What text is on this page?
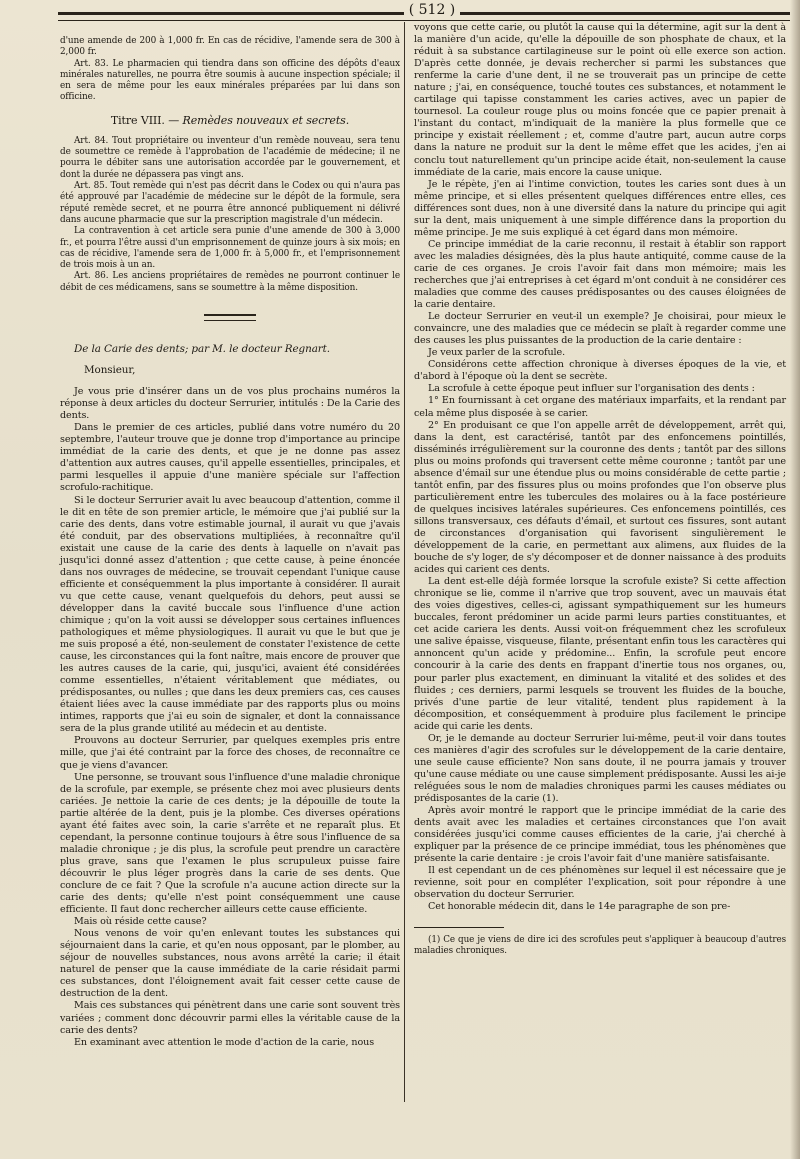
( 512 )

d'une amende de 200 à 1,000 fr. En cas de récidive, l'amende sera de 300 à 2,000 fr.

Art. 83. Le pharmacien qui tiendra dans son officine des dépôts d'eaux minérales naturelles, ne pourra être soumis à aucune inspection spéciale; il en sera de même pour les eaux minérales préparées par lui dans son officine.

Titre VIII. — Remèdes nouveaux et secrets.

Art. 84. Tout propriétaire ou inventeur d'un remède nouveau, sera tenu de soumettre ce remède à l'approbation de l'académie de médecine; il ne pourra le débiter sans une autorisation accordée par le gouvernement, et dont la durée ne dépassera pas vingt ans.

Art. 85. Tout remède qui n'est pas décrit dans le Codex ou qui n'aura pas été approuvé par l'académie de médecine sur le dépôt de la formule, sera réputé remède secret, et ne pourra être annoncé publiquement ni délivré dans aucune pharmacie que sur la prescription magistrale d'un médecin.

La contravention à cet article sera punie d'une amende de 300 à 3,000 fr., et pourra l'être aussi d'un emprisonnement de quinze jours à six mois; en cas de récidive, l'amende sera de 1,000 fr. à 5,000 fr., et l'emprisonnement de trois mois à un an.

Art. 86. Les anciens propriétaires de remèdes ne pourront continuer le débit de ces médicamens, sans se soumettre à la même disposition.

De la Carie des dents; par M. le docteur Regnart.

Monsieur,

Je vous prie d'insérer dans un de vos plus prochains numéros la réponse à deux articles du docteur Serrurier, intitulés : De la Carie des dents.

Dans le premier de ces articles, publié dans votre numéro du 20 septembre, l'auteur trouve que je donne trop d'importance au principe immédiat de la carie des dents, et que je ne donne pas assez d'attention aux autres causes, qu'il appelle essentielles, principales, et parmi lesquelles il appuie d'une manière spéciale sur l'affection scrofulo-rachitique.

Si le docteur Serrurier avait lu avec beaucoup d'attention, comme il le dit en tête de son premier article, le mémoire que j'ai publié sur la carie des dents, dans votre estimable journal, il aurait vu que j'avais été conduit, par des observations multipliées, à reconnaître qu'il existait une cause de la carie des dents à laquelle on n'avait pas jusqu'ici donné assez d'attention ; que cette cause, à peine énoncée dans nos ouvrages de médecine, se trouvait cependant l'unique cause efficiente et conséquemment la plus importante à considérer. Il aurait vu que cette cause, venant quelquefois du dehors, peut aussi se développer dans la cavité buccale sous l'influence d'une action chimique ; qu'on la voit aussi se développer sous certaines influences pathologiques et même physiologiques. Il aurait vu que le but que je me suis proposé a été, non-seulement de constater l'existence de cette cause, les circonstances qui la font naître, mais encore de prouver que les autres causes de la carie, qui, jusqu'ici, avaient été considérées comme essentielles, n'étaient véritablement que médiates, ou prédisposantes, ou nulles ; que dans les deux premiers cas, ces causes étaient liées avec la cause immédiate par des rapports plus ou moins intimes, rapports que j'ai eu soin de signaler, et dont la connaissance sera de la plus grande utilité au médecin et au dentiste.

Prouvons au docteur Serrurier, par quelques exemples pris entre mille, que j'ai été contraint par la force des choses, de reconnaître ce que je viens d'avancer.

Une personne, se trouvant sous l'influence d'une maladie chronique de la scrofule, par exemple, se présente chez moi avec plusieurs dents cariées. Je nettoie la carie de ces dents; je la dépouille de toute la partie altérée de la dent, puis je la plombe. Ces diverses opérations ayant été faites avec soin, la carie s'arrête et ne reparaît plus. Et cependant, la personne continue toujours à être sous l'influence de sa maladie chronique ; je dis plus, la scrofule peut prendre un caractère plus grave, sans que l'examen le plus scrupuleux puisse faire découvrir le plus léger progrès dans la carie de ses dents. Que conclure de ce fait ? Que la scrofule n'a aucune action directe sur la carie des dents; qu'elle n'est point conséquemment une cause efficiente. Il faut donc rechercher ailleurs cette cause efficiente.

Mais où réside cette cause?

Nous venons de voir qu'en enlevant toutes les substances qui séjournaient dans la carie, et qu'en nous opposant, par le plomber, au séjour de nouvelles substances, nous avons arrêté la carie; il était naturel de penser que la cause immédiate de la carie résidait parmi ces substances, dont l'éloignement avait fait cesser cette cause de destruction de la dent.

Mais ces substances qui pénètrent dans une carie sont souvent très variées ; comment donc découvrir parmi elles la véritable cause de la carie des dents?

En examinant avec attention le mode d'action de la carie, nous

voyons que cette carie, ou plutôt la cause qui la détermine, agit sur la dent à la manière d'un acide, qu'elle la dépouille de son phosphate de chaux, et la réduit à sa substance cartilagineuse sur le point où elle exerce son action. D'après cette donnée, je devais rechercher si parmi les substances que renferme la carie d'une dent, il ne se trouverait pas un principe de cette nature ; j'ai, en conséquence, touché toutes ces substances, et notamment le cartilage qui tapisse constamment les caries actives, avec un papier de tournesol. La couleur rouge plus ou moins foncée que ce papier prenait à l'instant du contact, m'indiquait de la manière la plus formelle que ce principe y existait réellement ; et, comme d'autre part, aucun autre corps dans la nature ne produit sur la dent le même effet que les acides, j'en ai conclu tout naturellement qu'un principe acide était, non-seulement la cause immédiate de la carie, mais encore la cause unique.

Je le répète, j'en ai l'intime conviction, toutes les caries sont dues à un même principe, et si elles présentent quelques différences entre elles, ces différences sont dues, non à une diversité dans la nature du principe qui agit sur la dent, mais uniquement à une simple différence dans la proportion du même principe. Je me suis expliqué à cet égard dans mon mémoire.

Ce principe immédiat de la carie reconnu, il restait à établir son rapport avec les maladies désignées, dès la plus haute antiquité, comme cause de la carie de ces organes. Je crois l'avoir fait dans mon mémoire; mais les recherches que j'ai entreprises à cet égard m'ont conduit à ne considérer ces maladies que comme des causes prédisposantes ou des causes éloignées de la carie dentaire.

Le docteur Serrurier en veut-il un exemple? Je choisirai, pour mieux le convaincre, une des maladies que ce médecin se plaît à regarder comme une des causes les plus puissantes de la production de la carie dentaire :

Je veux parler de la scrofule.

Considérons cette affection chronique à diverses époques de la vie, et d'abord à l'époque où la dent se secrète.

La scrofule à cette époque peut influer sur l'organisation des dents :

1° En fournissant à cet organe des matériaux imparfaits, et la rendant par cela même plus disposée à se carier.

2° En produisant ce que l'on appelle arrêt de développement, arrêt qui, dans la dent, est caractérisé, tantôt par des enfoncemens pointillés, disséminés irrégulièrement sur la couronne des dents ; tantôt par des sillons plus ou moins profonds qui traversent cette même couronne ; tantôt par une absence d'émail sur une étendue plus ou moins considérable de cette partie ; tantôt enfin, par des fissures plus ou moins profondes que l'on observe plus particulièrement entre les tubercules des molaires ou à la face postérieure de quelques incisives latérales supérieures. Ces enfoncemens pointillés, ces sillons transversaux, ces défauts d'émail, et surtout ces fissures, sont autant de circonstances d'organisation qui favorisent singulièrement le développement de la carie, en permettant aux alimens, aux fluides de la bouche de s'y loger, de s'y décomposer et de donner naissance à des produits acides qui carient ces dents.

La dent est-elle déjà formée lorsque la scrofule existe? Si cette affection chronique se lie, comme il n'arrive que trop souvent, avec un mauvais état des voies digestives, celles-ci, agissant sympathiquement sur les humeurs buccales, feront prédominer un acide parmi leurs parties constituantes, et cet acide cariera les dents. Aussi voit-on fréquemment chez les scrofuleux une salive épaisse, visqueuse, filante, présentant enfin tous les caractères qui annoncent qu'un acide y prédomine... Enfin, la scrofule peut encore concourir à la carie des dents en frappant d'inertie tous nos organes, ou, pour parler plus exactement, en diminuant la vitalité et des solides et des fluides ; ces derniers, parmi lesquels se trouvent les fluides de la bouche, privés d'une partie de leur vitalité, tendent plus rapidement à la décomposition, et conséquemment à produire plus facilement le principe acide qui carie les dents.

Or, je le demande au docteur Serrurier lui-même, peut-il voir dans toutes ces manières d'agir des scrofules sur le développement de la carie dentaire, une seule cause efficiente? Non sans doute, il ne pourra jamais y trouver qu'une cause médiate ou une cause simplement prédisposante. Aussi les ai-je reléguées sous le nom de maladies chroniques parmi les causes médiates ou prédisposantes de la carie (1).

Après avoir montré le rapport que le principe immédiat de la carie des dents avait avec les maladies et certaines circonstances que l'on avait considérées jusqu'ici comme causes efficientes de la carie, j'ai cherché à expliquer par la présence de ce principe immédiat, tous les phénomènes que présente la carie dentaire : je crois l'avoir fait d'une manière satisfaisante.

Il est cependant un de ces phénomènes sur lequel il est nécessaire que je revienne, soit pour en compléter l'explication, soit pour répondre à une observation du docteur Serrurier.

Cet honorable médecin dit, dans le 14e paragraphe de son pre-

(1) Ce que je viens de dire ici des scrofules peut s'appliquer à beaucoup d'autres maladies chroniques.
